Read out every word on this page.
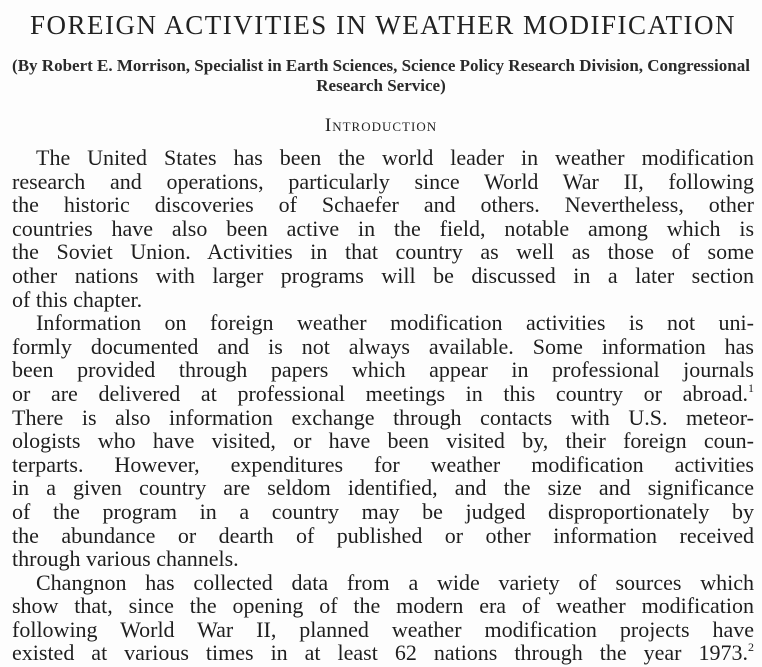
FOREIGN ACTIVITIES IN WEATHER MODIFICATION
(By Robert E. Morrison, Specialist in Earth Sciences, Science Policy Research Division, Congressional Research Service)
Introduction
The United States has been the world leader in weather modification
research and operations, particularly since World War II, following
the historic discoveries of Schaefer and others. Nevertheless, other
countries have also been active in the field, notable among which is
the Soviet Union. Activities in that country as well as those of some
other nations with larger programs will be discussed in a later section
of this chapter.
Information on foreign weather modification activities is not uni-
formly documented and is not always available. Some information has
been provided through papers which appear in professional journals
or are delivered at professional meetings in this country or abroad.$^1$
There is also information exchange through contacts with U.S. meteor-
ologists who have visited, or have been visited by, their foreign coun-
terparts. However, expenditures for weather modification activities
in a given country are seldom identified, and the size and significance
of the program in a country may be judged disproportionately by
the abundance or dearth of published or other information received
through various channels.
Changnon has collected data from a wide variety of sources which
show that, since the opening of the modern era of weather modification
following World War II, planned weather modification projects have
existed at various times in at least 62 nations through the year 1973.$^2$
